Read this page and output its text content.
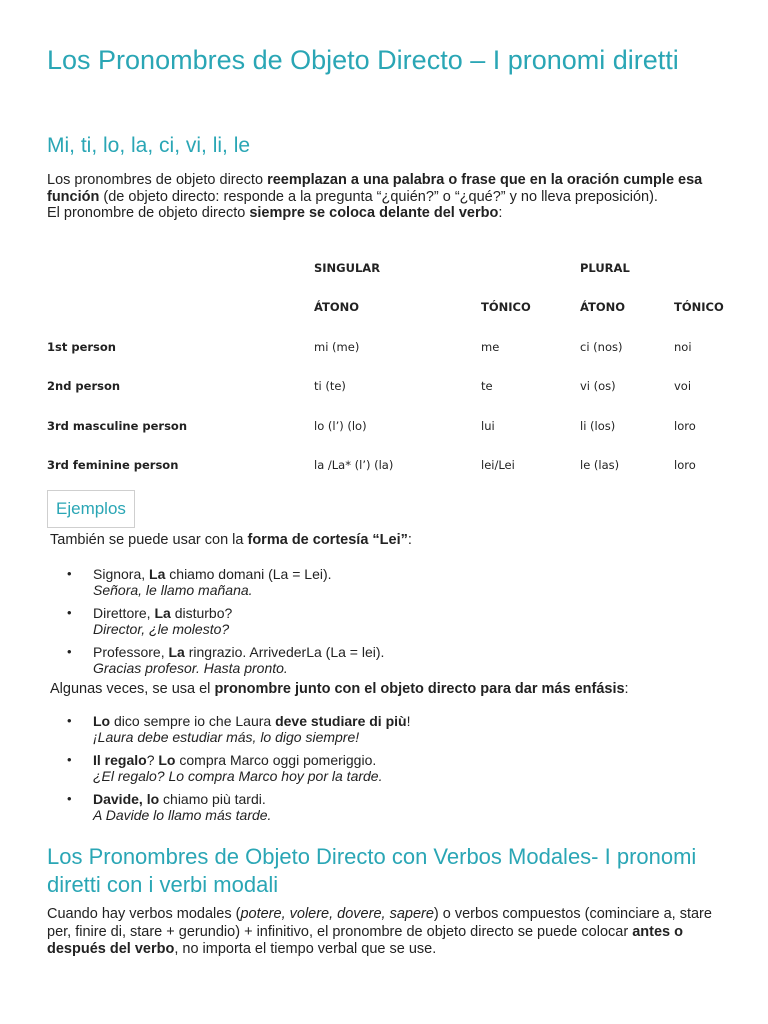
Los Pronombres de Objeto Directo – I pronomi diretti
Mi, ti, lo, la, ci, vi, li, le

Los pronombres de objeto directo reemplazan a una palabra o frase que en la oración cumple esa función (de objeto directo: responde a la pregunta “¿quién?” o “¿qué?” y no lleva preposición).

El pronombre de objeto directo siempre se coloca delante del verbo:

	SINGULAR		PLURAL	
	ÁTONO	TÓNICO	ÁTONO	TÓNICO
1st person	mi (me)	me	ci (nos)	noi
2nd person	ti (te)	te	vi (os)	voi
3rd masculine person	lo (l’) (lo)	lui	li (los)	loro
3rd feminine person	la /La* (l’) (la)	lei/Lei	le (las)	loro
Ejemplos

También se puede usar con la forma de cortesía “Lei”:

• Signora, La chiamo domani (La = Lei).
Señora, le llamo mañana.
• Direttore, La disturbo?
Director, ¿le molesto?
• Professore, La ringrazio. ArrivederLa (La = lei).
Gracias profesor. Hasta pronto.

Algunas veces, se usa el pronombre junto con el objeto directo para dar más enfásis:

• Lo dico sempre io che Laura deve studiare di più!
¡Laura debe estudiar más, lo digo siempre!
• Il regalo? Lo compra Marco oggi pomeriggio.
¿El regalo? Lo compra Marco hoy por la tarde.
• Davide, lo chiamo più tardi.
A Davide lo llamo más tarde.
Los Pronombres de Objeto Directo con Verbos Modales- I pronomi diretti con i verbi modali

Cuando hay verbos modales (potere, volere, dovere, sapere) o verbos compuestos (cominciare a, stare per, finire di, stare + gerundio) + infinitivo, el pronombre de objeto directo se puede colocar antes o después del verbo, no importa el tiempo verbal que se use.
